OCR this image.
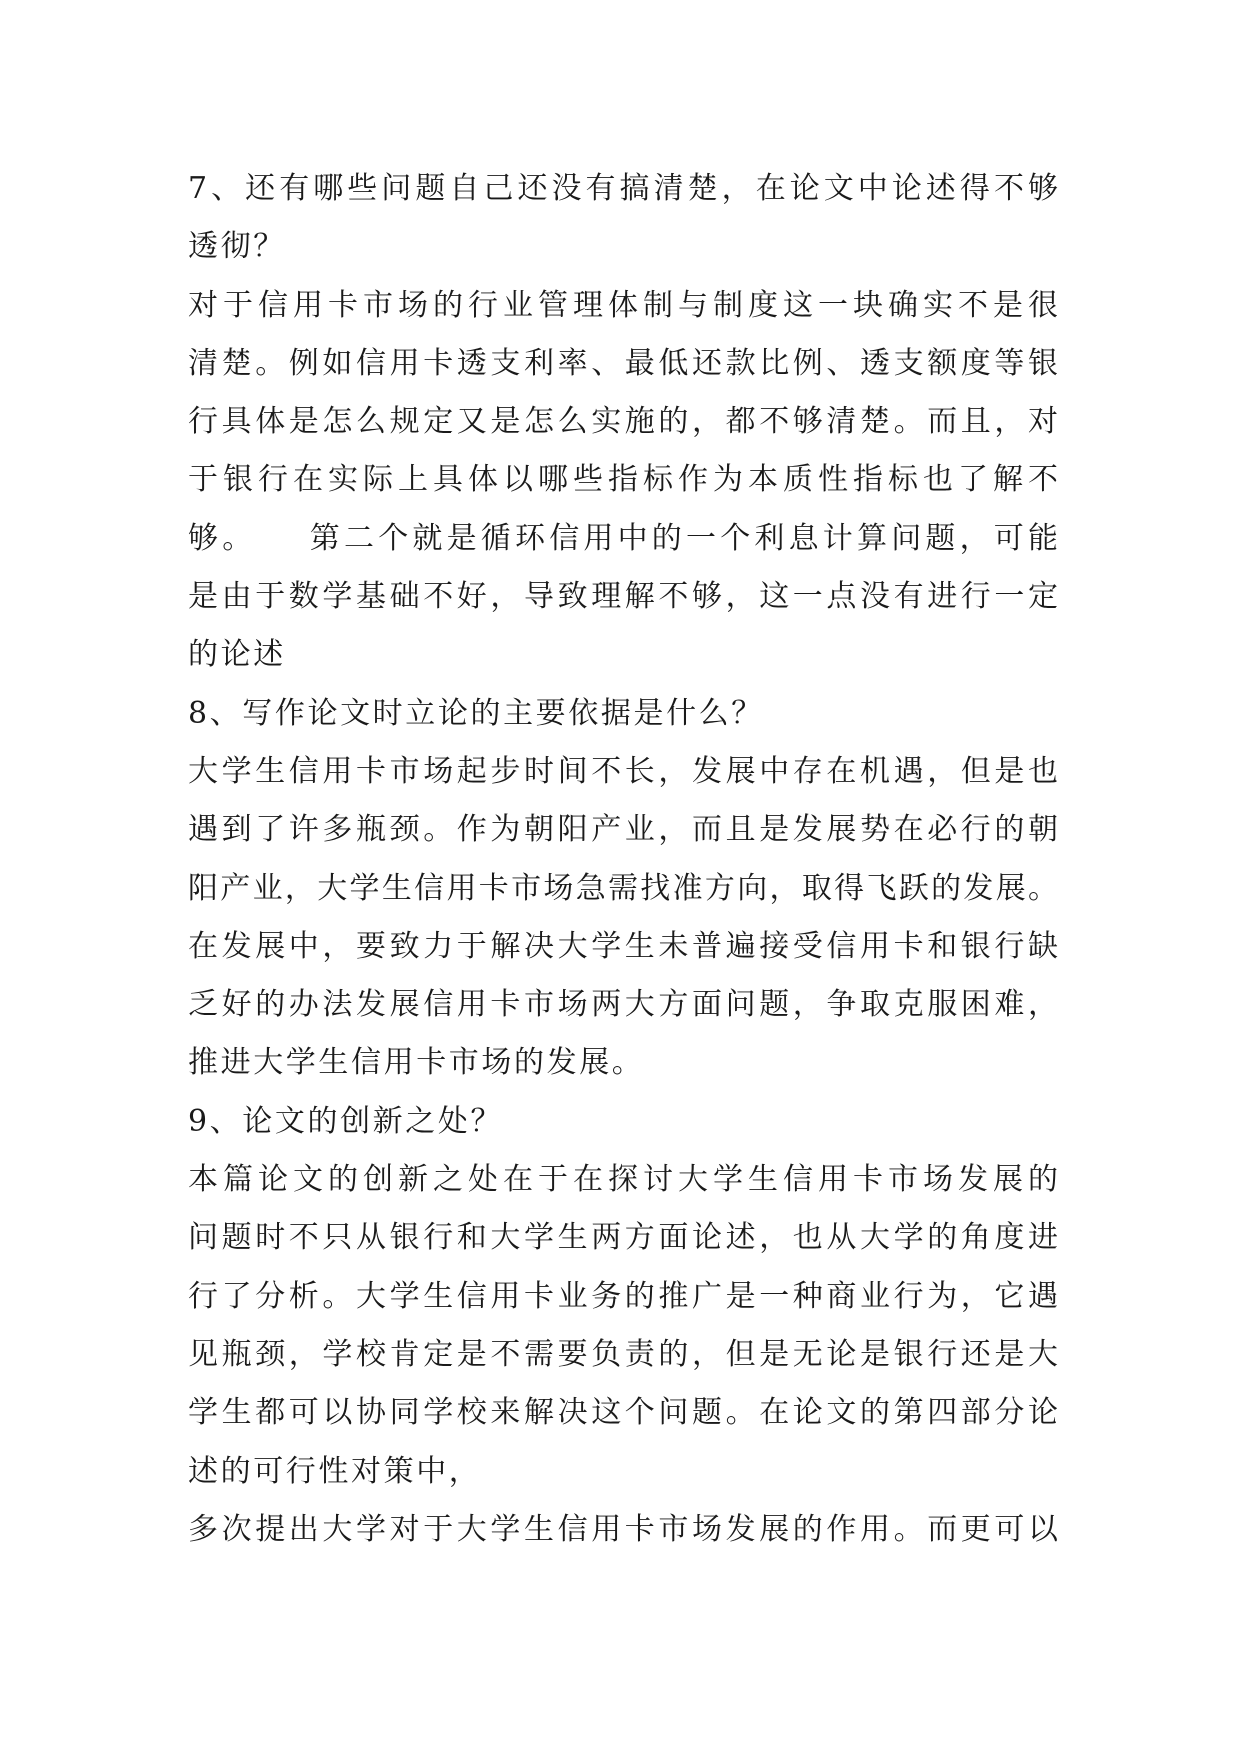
7、还有哪些问题自己还没有搞清楚，在论文中论述得不够
透彻？
对于信用卡市场的行业管理体制与制度这一块确实不是很
清楚。例如信用卡透支利率、最低还款比例、透支额度等银
行具体是怎么规定又是怎么实施的，都不够清楚。而且，对
于银行在实际上具体以哪些指标作为本质性指标也了解不
够。　　第二个就是循环信用中的一个利息计算问题，可能
是由于数学基础不好，导致理解不够，这一点没有进行一定
的论述
8、写作论文时立论的主要依据是什么？
大学生信用卡市场起步时间不长，发展中存在机遇，但是也
遇到了许多瓶颈。作为朝阳产业，而且是发展势在必行的朝
阳产业，大学生信用卡市场急需找准方向，取得飞跃的发展。
在发展中，要致力于解决大学生未普遍接受信用卡和银行缺
乏好的办法发展信用卡市场两大方面问题，争取克服困难，
推进大学生信用卡市场的发展。
9、论文的创新之处？
本篇论文的创新之处在于在探讨大学生信用卡市场发展的
问题时不只从银行和大学生两方面论述，也从大学的角度进
行了分析。大学生信用卡业务的推广是一种商业行为，它遇
见瓶颈，学校肯定是不需要负责的，但是无论是银行还是大
学生都可以协同学校来解决这个问题。在论文的第四部分论
述的可行性对策中，
多次提出大学对于大学生信用卡市场发展的作用。而更可以
